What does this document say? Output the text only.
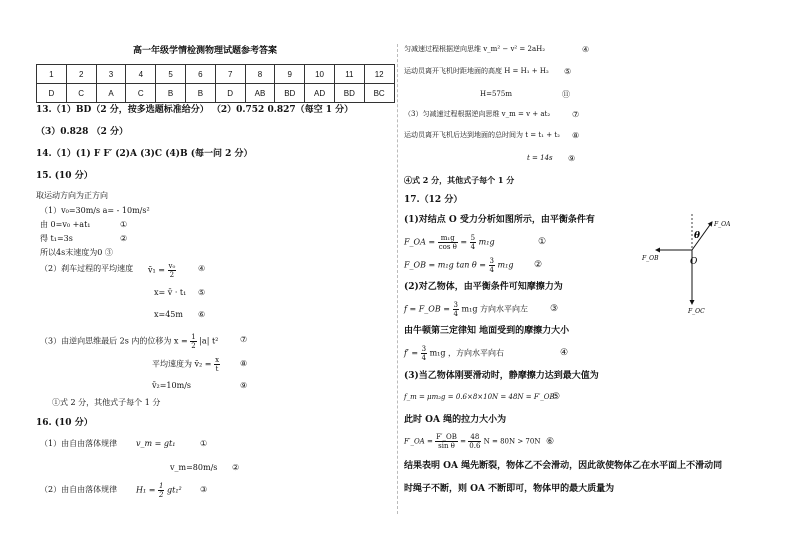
高一年级学情检测物理试题参考答案
1	2	3	4	5	6	7	8	9	10	11	12
D	C	A	C	B	B	D	AB	BD	AD	BD	BC
13.（1）BD（2 分，按多选题标准给分） （2）0.752 0.827（每空 1 分）
（3）0.828 （2 分）
14.（1）(1) F F′ (2)A (3)C (4)B (每一问 2 分）
15. (10 分）
取运动方向为正方向
（1）v₀=30m/s a= - 10m/s²
由 0=v₀ +at₁	①
得 t₁=3s	②
所以4s末速度为0 ③
（2）刹车过程的平均速度 v̄₁ = $\frac{\text{v₀}}{2}$	④
x= v̄ · t₁ ⑤
x=45m ⑥
（3）由逆向思维最后 2s 内的位移为 $x = \frac{1}{2} |a|$ t²	⑦
平均速度为 v̄₂ = $\frac{x}{t}$ ⑧
v̄₂=10m/s	⑨
①式 2 分，其他式子每个 1 分
16. (10 分）
（1）由自由落体规律 v_m = gt₁	①
v_m=80m/s ②
（2）由自由落体规律 $H_1 = \frac{1}{2} gt_1^2$ ③
匀减速过程根据逆向思维 v_m² − v² = 2aH₂	④
运动员离开飞机时距地面的高度 H = H₁ + H₂ ⑤
H=575m	⑪
（3）匀减速过程根据逆向思维 v_m = v + at₂	⑦
运动员离开飞机后达到地面的总时间为 t = t₁ + t₂ ⑧
t = 14s ⑨
④式 2 分，其他式子每个 1 分
17.（12 分）
(1)对结点 O 受力分析如图所示，由平衡条件有
F_OA = $\frac{\text{m₁g}}{\text{cos θ}} = \frac{5}{4} m_1g$	①
F_OB = m₁g $\tan \theta = \frac{3}{4} m_1g$ ②
(2)对乙物体，由平衡条件可知摩擦力为
f = F_OB = $\frac{3}{4} m_1g$ 方向水平向左 ③
由牛顿第三定律知 地面受到的摩擦力大小
$f' = \frac{3}{4} m_1g$ ，方向水平向右	④
(3)当乙物体刚要滑动时，静摩擦力达到最大值为
f_m = μm₂g = 0.6×8×10N = 48N = F′_OB
⑤
此时 OA 绳的拉力大小为
F′_OA = $\frac{F'\_OB}{\text{sin θ}} = \frac{48}{0.6}$ N = 80N > 70N ⑥
结果表明 OA 绳先断裂，物体乙不会滑动，因此欲使物体乙在水平面上不滑动同
时绳子不断，则 OA 不断即可，物体甲的最大质量为
F_OA
F_OB
F_OC
θ
O
